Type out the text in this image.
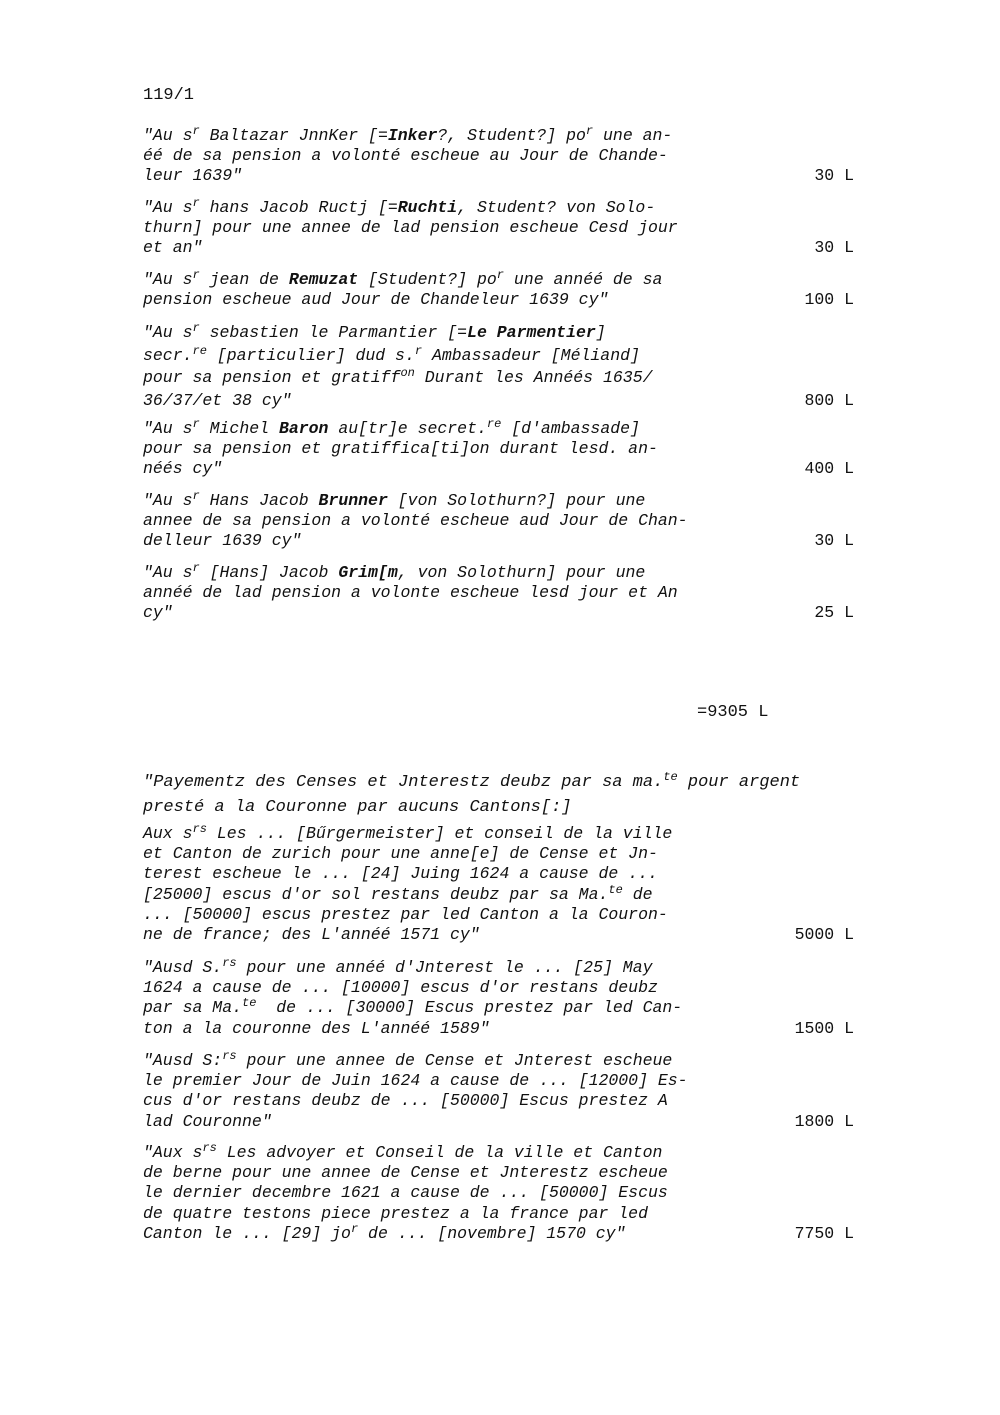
119/1
"Au $s^r$ Baltazar JnnKer [=Inker?, Student?] $po^r$ une an-
éé de sa pension a volonté escheue au Jour de Chande-
leur 1639"	30 L
"Au $s^r$ hans Jacob Ructj [=Ruchti, Student? von Solo-
thurn] pour une annee de lad pension escheue Cesd jour
et an"	30 L
"Au $s^r$ jean de Remuzat [Student?] $po^r$ une annéé de sa
pension escheue aud Jour de Chandeleur 1639 cy"	100 L
"Au $s^r$ sebastien le Parmantier [=Le Parmentier]
secr.$^{re}$ [particulier] dud s.$^r$ Ambassadeur [Méliand]
pour sa pension et gratiff$^{on}$ Durant les Annéés 1635/
36/37/et 38 cy"	800 L
"Au $s^r$ Michel Baron au[tr]e secret.$^{re}$ [d'ambassade]
pour sa pension et gratiffica[ti]on durant lesd. an-
néés cy"	400 L
"Au $s^r$ Hans Jacob Brunner [von Solothurn?] pour une
annee de sa pension a volonté escheue aud Jour de Chan-
delleur 1639 cy"	30 L
"Au $s^r$ [Hans] Jacob Grim[m, von Solothurn] pour une
annéé de lad pension a volonte escheue lesd jour et An
cy"	25 L
=9305 L
"Payementz des Censes et Jnterestz deubz par sa ma.$^{te}$ pour argent
presté a la Couronne par aucuns Cantons[:]
Aux $s^{rs}$ Les ... [Bűrgermeister] et conseil de la ville
et Canton de zurich pour une anne[e] de Cense et Jn-
terest escheue le ... [24] Juing 1624 a cause de ...
[25000] escus d'or sol restans deubz par sa Ma.$^{te}$ de
... [50000] escus prestez par led Canton a la Couron-
ne de france; des L'annéé 1571 cy"	5000 L
"Ausd S.$^{rs}$ pour une annéé d'Jnterest le ... [25] May
1624 a cause de ... [10000] escus d'or restans deubz
par sa Ma.$^{te}$  de ... [30000] Escus prestez par led Can-
ton a la couronne des L'annéé 1589"	1500 L
"Ausd S:$^{rs}$ pour une annee de Cense et Jnterest escheue
le premier Jour de Juin 1624 a cause de ... [12000] Es-
cus d'or restans deubz de ... [50000] Escus prestez A
lad Couronne"	1800 L
"Aux $s^{rs}$ Les advoyer et Conseil de la ville et Canton
de berne pour une annee de Cense et Jnterestz escheue
le dernier decembre 1621 a cause de ... [50000] Escus
de quatre testons piece prestez a la france par led
Canton le ... [29] $jo^r$ de ... [novembre] 1570 cy"	7750 L
